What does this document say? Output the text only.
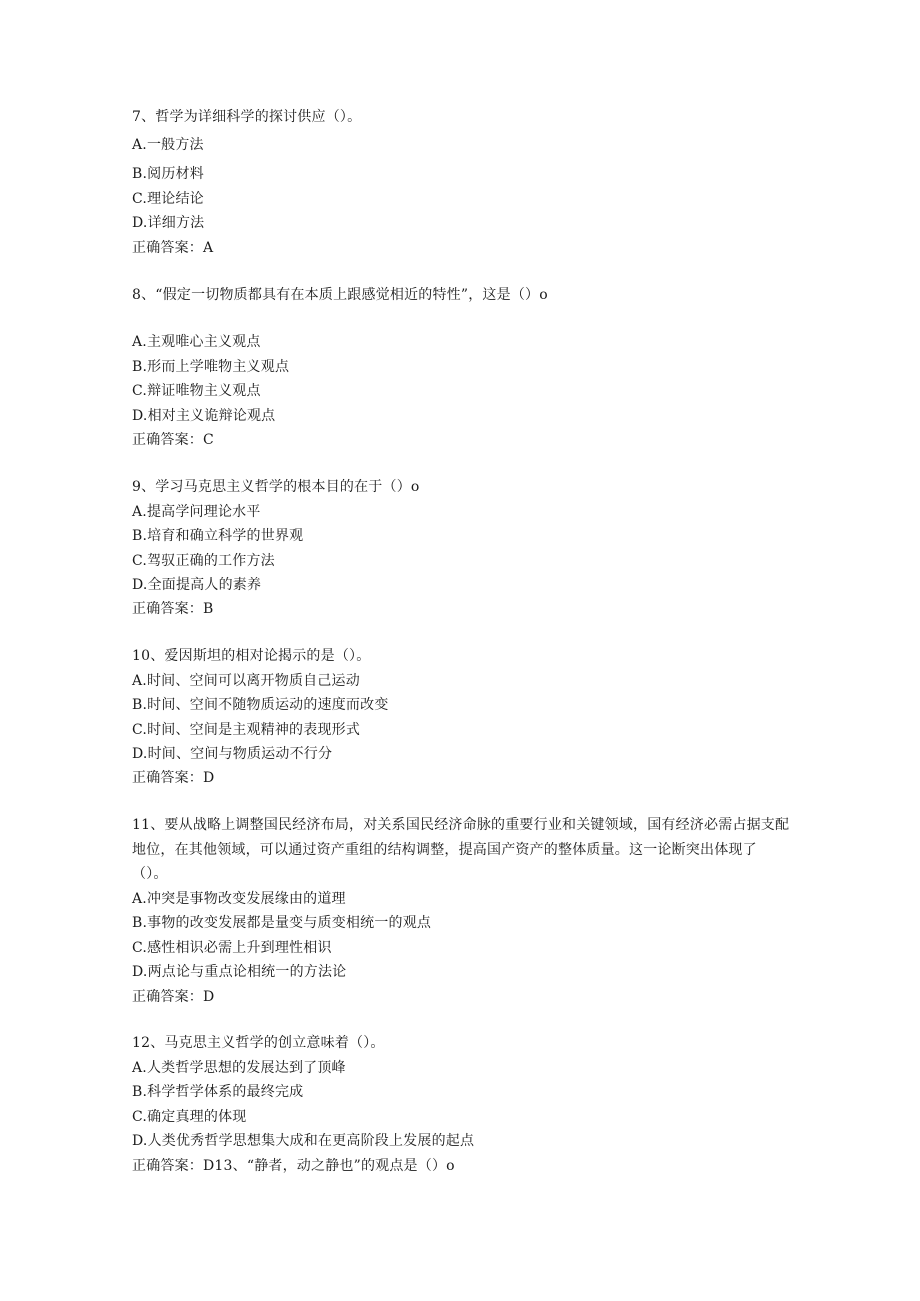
7、哲学为详细科学的探讨供应（）。
A.一般方法
B.阅历材料
C.理论结论
D.详细方法
正确答案：A
8、“假定一切物质都具有在本质上跟感觉相近的特性”，这是（）o
A.主观唯心主义观点
B.形而上学唯物主义观点
C.辩证唯物主义观点
D.相对主义诡辩论观点
正确答案：C
9、学习马克思主义哲学的根本目的在于（）o
A.提高学问理论水平
B.培育和确立科学的世界观
C.驾驭正确的工作方法
D.全面提高人的素养
正确答案：B
10、爱因斯坦的相对论揭示的是（）。
A.时间、空间可以离开物质自己运动
B.时间、空间不随物质运动的速度而改变
C.时间、空间是主观精神的表现形式
D.时间、空间与物质运动不行分
正确答案：D
11、要从战略上调整国民经济布局，对关系国民经济命脉的重要行业和关键领域，国有经济必需占据支配地位，在其他领域，可以通过资产重组的结构调整，提高国产资产的整体质量。这一论断突出体现了（）。
A.冲突是事物改变发展缘由的道理
B.事物的改变发展都是量变与质变相统一的观点
C.感性相识必需上升到理性相识
D.两点论与重点论相统一的方法论
正确答案：D
12、马克思主义哲学的创立意味着（）。
A.人类哲学思想的发展达到了顶峰
B.科学哲学体系的最终完成
C.确定真理的体现
D.人类优秀哲学思想集大成和在更高阶段上发展的起点
正确答案：D13、“静者，动之静也”的观点是（）o
